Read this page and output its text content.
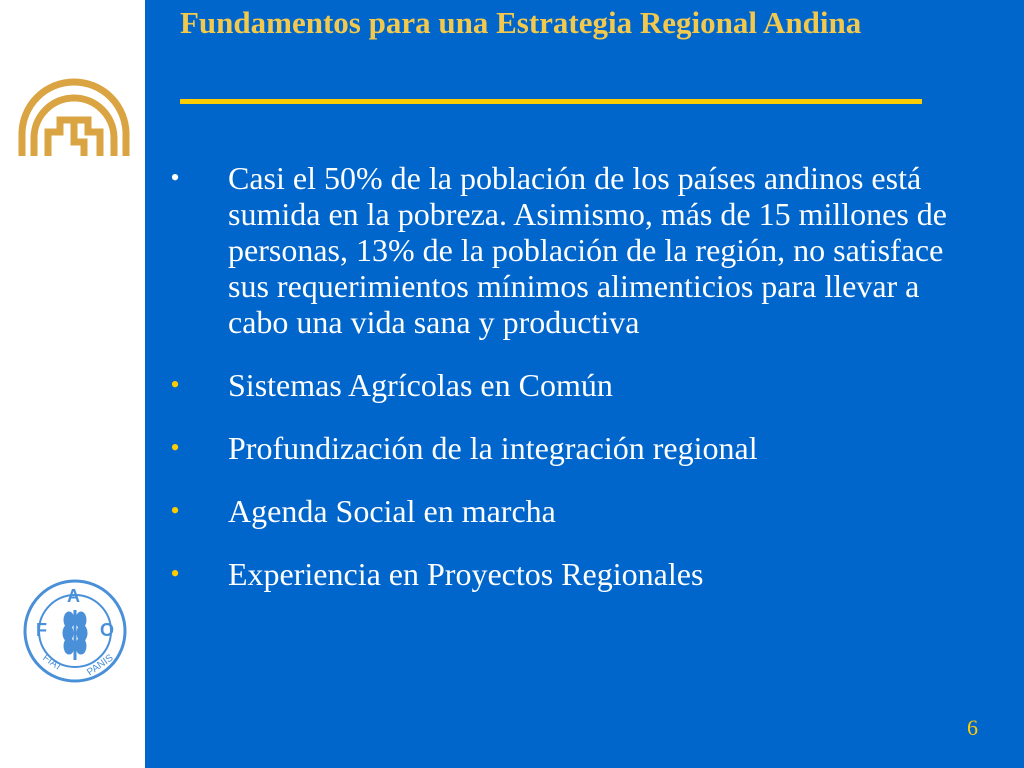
F
A
O
FIAT PANIS
Fundamentos para una Estrategia Regional Andina
• Casi el 50% de la población de los países andinos está sumida en la pobreza. Asimismo, más de 15 millones de personas, 13% de la población de la región, no satisface sus requerimientos mínimos alimenticios para llevar a cabo una vida sana y productiva
• Sistemas Agrícolas en Común
• Profundización de la integración regional
• Agenda Social en marcha
• Experiencia en Proyectos Regionales
6
